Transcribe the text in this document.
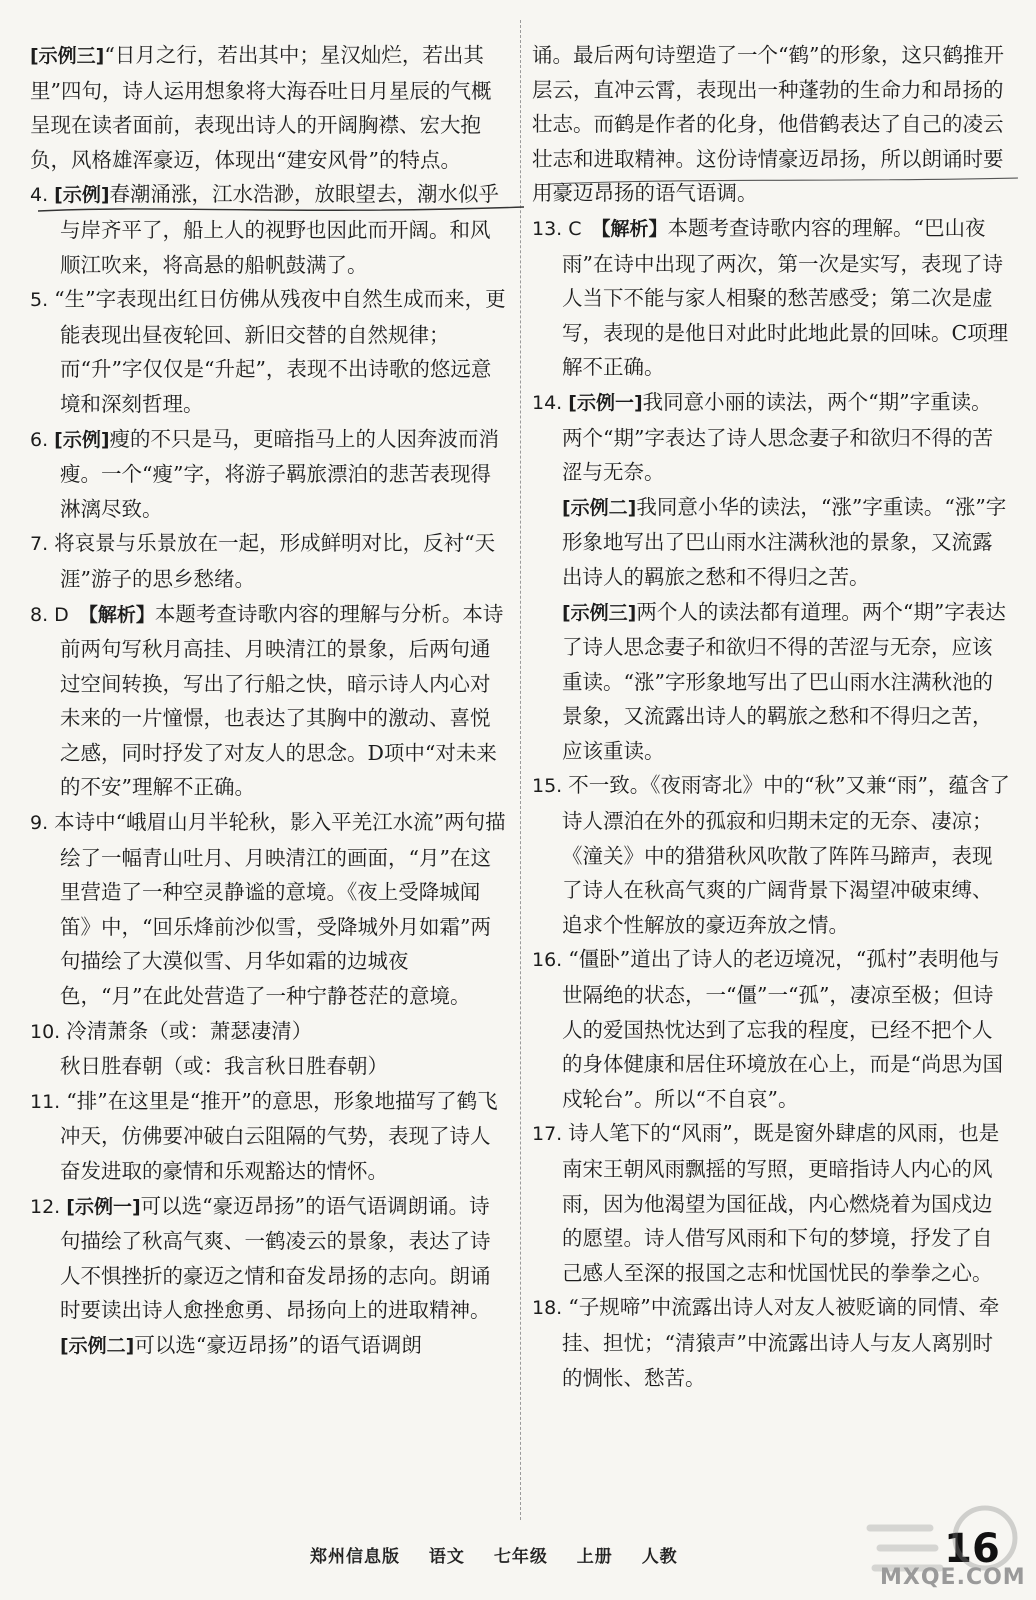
[示例三]“日月之行，若出其中；星汉灿烂，若出其里”四句，诗人运用想象将大海吞吐日月星辰的气概呈现在读者面前，表现出诗人的开阔胸襟、宏大抱负，风格雄浑豪迈，体现出“建安风骨”的特点。
4. [示例]春潮涌涨，江水浩渺，放眼望去，潮水似乎与岸齐平了，船上人的视野也因此而开阔。和风顺江吹来，将高悬的船帆鼓满了。
5. “生”字表现出红日仿佛从残夜中自然生成而来，更能表现出昼夜轮回、新旧交替的自然规律；而“升”字仅仅是“升起”，表现不出诗歌的悠远意境和深刻哲理。
6. [示例]瘦的不只是马，更暗指马上的人因奔波而消瘦。一个“瘦”字，将游子羁旅漂泊的悲苦表现得淋漓尽致。
7. 将哀景与乐景放在一起，形成鲜明对比，反衬“天涯”游子的思乡愁绪。
8. D 【解析】本题考查诗歌内容的理解与分析。本诗前两句写秋月高挂、月映清江的景象，后两句通过空间转换，写出了行船之快，暗示诗人内心对未来的一片憧憬，也表达了其胸中的激动、喜悦之感，同时抒发了对友人的思念。D项中“对未来的不安”理解不正确。
9. 本诗中“峨眉山月半轮秋，影入平羌江水流”两句描绘了一幅青山吐月、月映清江的画面，“月”在这里营造了一种空灵静谧的意境。《夜上受降城闻笛》中，“回乐烽前沙似雪，受降城外月如霜”两句描绘了大漠似雪、月华如霜的边城夜色，“月”在此处营造了一种宁静苍茫的意境。
10. 冷清萧条（或：萧瑟凄清）
秋日胜春朝（或：我言秋日胜春朝）
11. “排”在这里是“推开”的意思，形象地描写了鹤飞冲天，仿佛要冲破白云阻隔的气势，表现了诗人奋发进取的豪情和乐观豁达的情怀。
12. [示例一]可以选“豪迈昂扬”的语气语调朗诵。诗句描绘了秋高气爽、一鹤凌云的景象，表达了诗人不惧挫折的豪迈之情和奋发昂扬的志向。朗诵时要读出诗人愈挫愈勇、昂扬向上的进取精神。
[示例二]可以选“豪迈昂扬”的语气语调朗
诵。最后两句诗塑造了一个“鹤”的形象，这只鹤推开层云，直冲云霄，表现出一种蓬勃的生命力和昂扬的壮志。而鹤是作者的化身，他借鹤表达了自己的凌云壮志和进取精神。这份诗情豪迈昂扬，所以朗诵时要用豪迈昂扬的语气语调。
13. C 【解析】本题考查诗歌内容的理解。“巴山夜雨”在诗中出现了两次，第一次是实写，表现了诗人当下不能与家人相聚的愁苦感受；第二次是虚写，表现的是他日对此时此地此景的回味。C项理解不正确。
14. [示例一]我同意小丽的读法，两个“期”字重读。两个“期”字表达了诗人思念妻子和欲归不得的苦涩与无奈。
[示例二]我同意小华的读法，“涨”字重读。“涨”字形象地写出了巴山雨水注满秋池的景象，又流露出诗人的羁旅之愁和不得归之苦。
[示例三]两个人的读法都有道理。两个“期”字表达了诗人思念妻子和欲归不得的苦涩与无奈，应该重读。“涨”字形象地写出了巴山雨水注满秋池的景象，又流露出诗人的羁旅之愁和不得归之苦，应该重读。
15. 不一致。《夜雨寄北》中的“秋”又兼“雨”，蕴含了诗人漂泊在外的孤寂和归期未定的无奈、凄凉；《潼关》中的猎猎秋风吹散了阵阵马蹄声，表现了诗人在秋高气爽的广阔背景下渴望冲破束缚、追求个性解放的豪迈奔放之情。
16. “僵卧”道出了诗人的老迈境况，“孤村”表明他与世隔绝的状态，一“僵”一“孤”，凄凉至极；但诗人的爱国热忱达到了忘我的程度，已经不把个人的身体健康和居住环境放在心上，而是“尚思为国戍轮台”。所以“不自哀”。
17. 诗人笔下的“风雨”，既是窗外肆虐的风雨，也是南宋王朝风雨飘摇的写照，更暗指诗人内心的风雨，因为他渴望为国征战，内心燃烧着为国戍边的愿望。诗人借写风雨和下句的梦境，抒发了自己感人至深的报国之志和忧国忧民的拳拳之心。
18. “子规啼”中流露出诗人对友人被贬谪的同情、牵挂、担忧；“清猿声”中流露出诗人与友人离别时的惆怅、愁苦。
郑州信息版 语文 七年级 上册 人教	16
MXQE.COM
